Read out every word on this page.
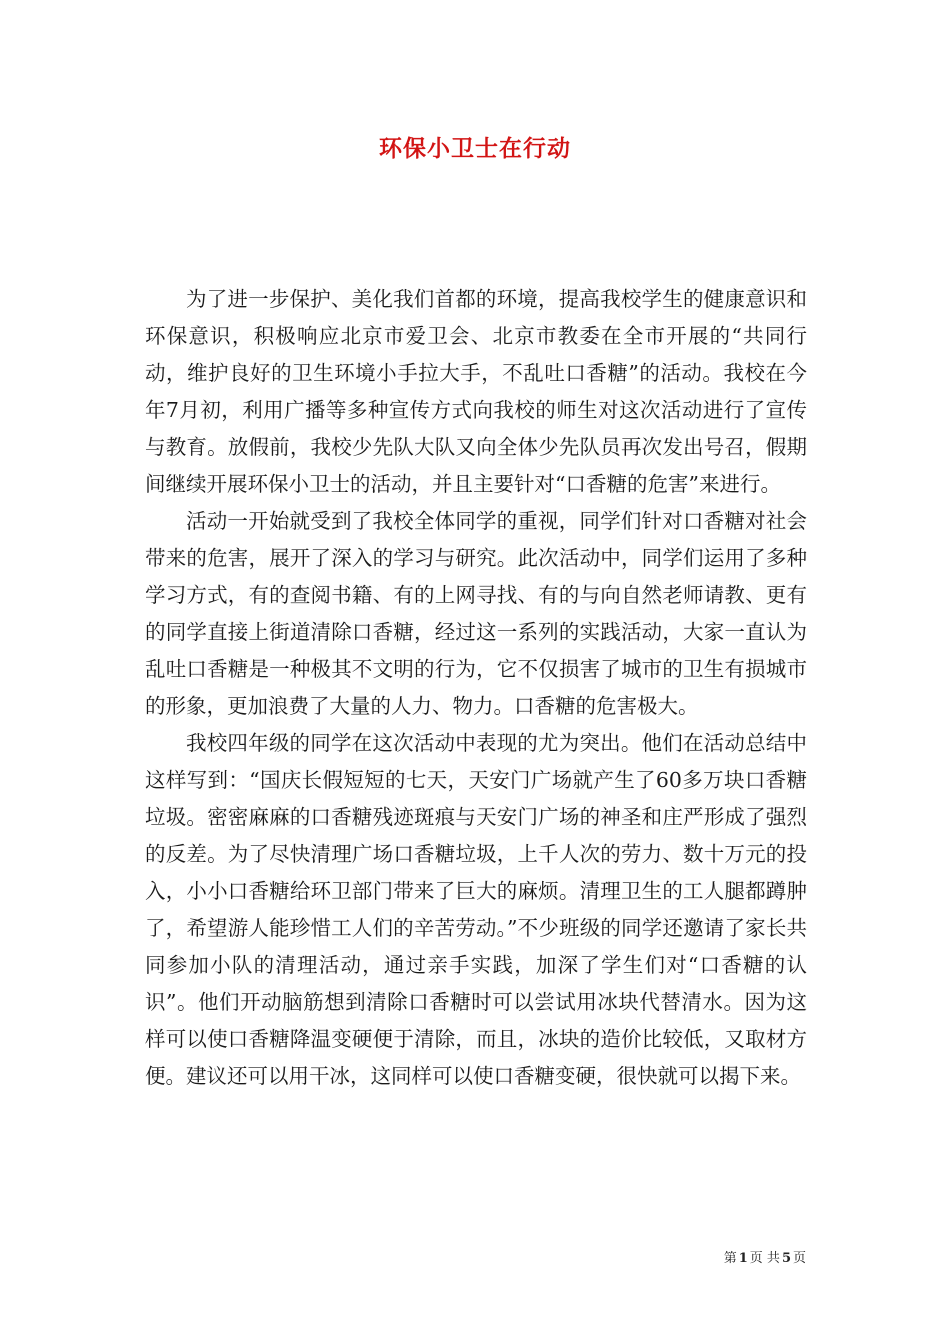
环保小卫士在行动

为了进一步保护、美化我们首都的环境，提高我校学生的健康意识和环保意识，积极响应北京市爱卫会、北京市教委在全市开展的“共同行动，维护良好的卫生环境小手拉大手，不乱吐口香糖”的活动。我校在今年7月初，利用广播等多种宣传方式向我校的师生对这次活动进行了宣传与教育。放假前，我校少先队大队又向全体少先队员再次发出号召，假期间继续开展环保小卫士的活动，并且主要针对“口香糖的危害”来进行。

活动一开始就受到了我校全体同学的重视，同学们针对口香糖对社会带来的危害，展开了深入的学习与研究。此次活动中，同学们运用了多种学习方式，有的查阅书籍、有的上网寻找、有的与向自然老师请教、更有的同学直接上街道清除口香糖，经过这一系列的实践活动，大家一直认为乱吐口香糖是一种极其不文明的行为，它不仅损害了城市的卫生有损城市的形象，更加浪费了大量的人力、物力。口香糖的危害极大。

我校四年级的同学在这次活动中表现的尤为突出。他们在活动总结中这样写到：“国庆长假短短的七天，天安门广场就产生了60多万块口香糖垃圾。密密麻麻的口香糖残迹斑痕与天安门广场的神圣和庄严形成了强烈的反差。为了尽快清理广场口香糖垃圾，上千人次的劳力、数十万元的投入，小小口香糖给环卫部门带来了巨大的麻烦。清理卫生的工人腿都蹲肿了，希望游人能珍惜工人们的辛苦劳动。”不少班级的同学还邀请了家长共同参加小队的清理活动，通过亲手实践，加深了学生们对“口香糖的认识”。他们开动脑筋想到清除口香糖时可以尝试用冰块代替清水。因为这样可以使口香糖降温变硬便于清除，而且，冰块的造价比较低，又取材方便。建议还可以用干冰，这同样可以使口香糖变硬，很快就可以揭下来。

第 1 页 共 5 页
